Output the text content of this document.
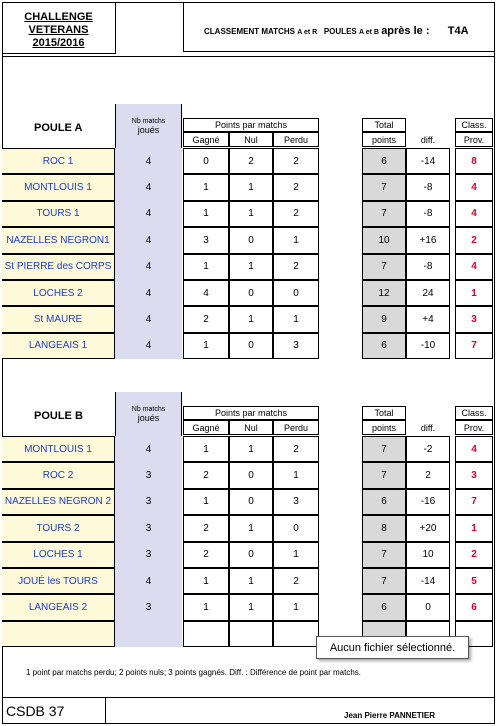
CHALLENGE
VETERANS 2015/2016
CLASSEMENT MATCHS A et R POULES A et B après le : T4A
POULE A
Nb matchs
joués	Points par matchs
Gagné	Nul	Perdu
Total
points	diff.
Class.
Prov.
ROC 1	4	0	2	2	6	-14	8
MONTLOUIS 1	4	1	1	2	7	-8	4
TOURS 1	4	1	1	2	7	-8	4
NAZELLES NEGRON1	4	3	0	1	10	+16	2
St PIERRE des CORPS	4	1	1	2	7	-8	4
LOCHES 2	4	4	0	0	12	24	1
St MAURE	4	2	1	1	9	+4	3
LANGEAIS 1	4	1	0	3	6	-10	7
POULE B
Nb matchs
joués	Points par matchs
Gagné	Nul	Perdu
Total
points	diff.
Class.
Prov.
MONTLOUIS 1	4	1	1	2	7	-2	4
ROC 2	3	2	0	1	7	2	3
NAZELLES NEGRON 2	3	1	0	3	6	-16	7
TOURS 2	3	2	1	0	8	+20	1
LOCHES 1	3	2	0	1	7	10	2
JOUÉ les TOURS	4	1	1	2	7	-14	5
LANGEAIS 2	3	1	1	1	6	0	6
1 point par matchs perdu; 2 points nuls; 3 points gagnés. Diff. : Différence de point par matchs.
CSDB 37	Jean Pierre PANNETIER
Aucun fichier sélectionné.
